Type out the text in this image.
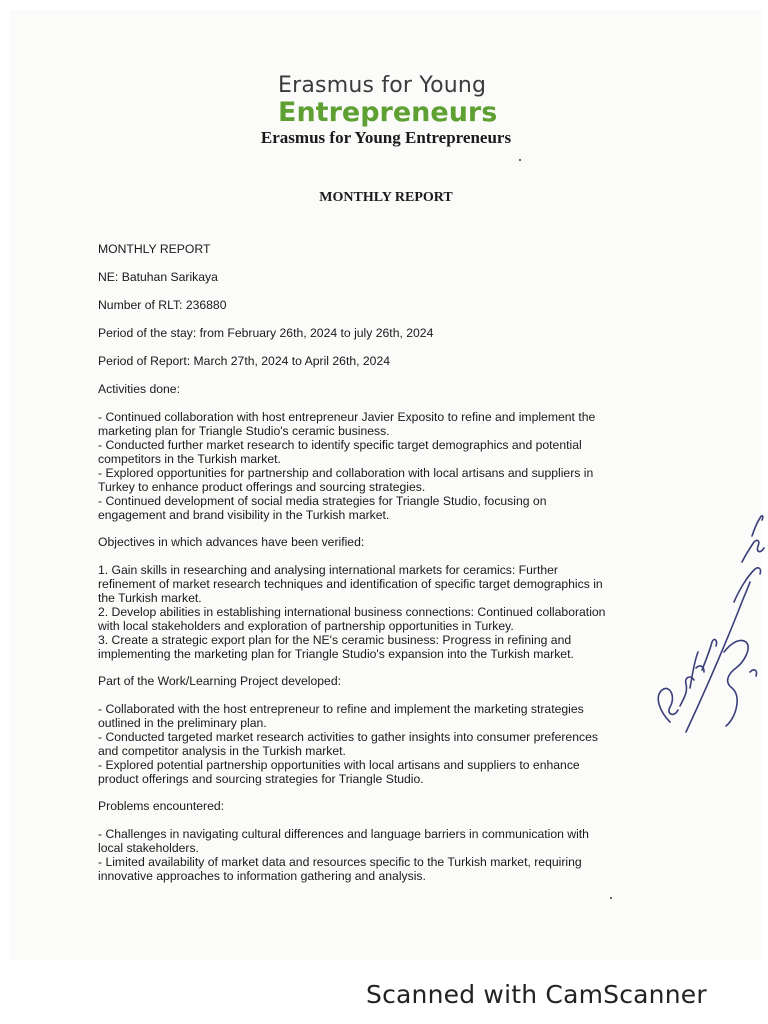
Erasmus for Young
Entrepreneurs
Erasmus for Young Entrepreneurs
MONTHLY REPORT
MONTHLY REPORT
NE: Batuhan Sarikaya
Number of RLT: 236880
Period of the stay: from February 26th, 2024 to july 26th, 2024
Period of Report: March 27th, 2024 to April 26th, 2024
Activities done:
- Continued collaboration with host entrepreneur Javier Exposito to refine and implement the
marketing plan for Triangle Studio's ceramic business.
- Conducted further market research to identify specific target demographics and potential
competitors in the Turkish market.
- Explored opportunities for partnership and collaboration with local artisans and suppliers in
Turkey to enhance product offerings and sourcing strategies.
- Continued development of social media strategies for Triangle Studio, focusing on
engagement and brand visibility in the Turkish market.
Objectives in which advances have been verified:
1. Gain skills in researching and analysing international markets for ceramics: Further
refinement of market research techniques and identification of specific target demographics in
the Turkish market.
2. Develop abilities in establishing international business connections: Continued collaboration
with local stakeholders and exploration of partnership opportunities in Turkey.
3. Create a strategic export plan for the NE's ceramic business: Progress in refining and
implementing the marketing plan for Triangle Studio's expansion into the Turkish market.
Part of the Work/Learning Project developed:
- Collaborated with the host entrepreneur to refine and implement the marketing strategies
outlined in the preliminary plan.
- Conducted targeted market research activities to gather insights into consumer preferences
and competitor analysis in the Turkish market.
- Explored potential partnership opportunities with local artisans and suppliers to enhance
product offerings and sourcing strategies for Triangle Studio.
Problems encountered:
- Challenges in navigating cultural differences and language barriers in communication with
local stakeholders.
- Limited availability of market data and resources specific to the Turkish market, requiring
innovative approaches to information gathering and analysis.
Scanned with CamScanner
